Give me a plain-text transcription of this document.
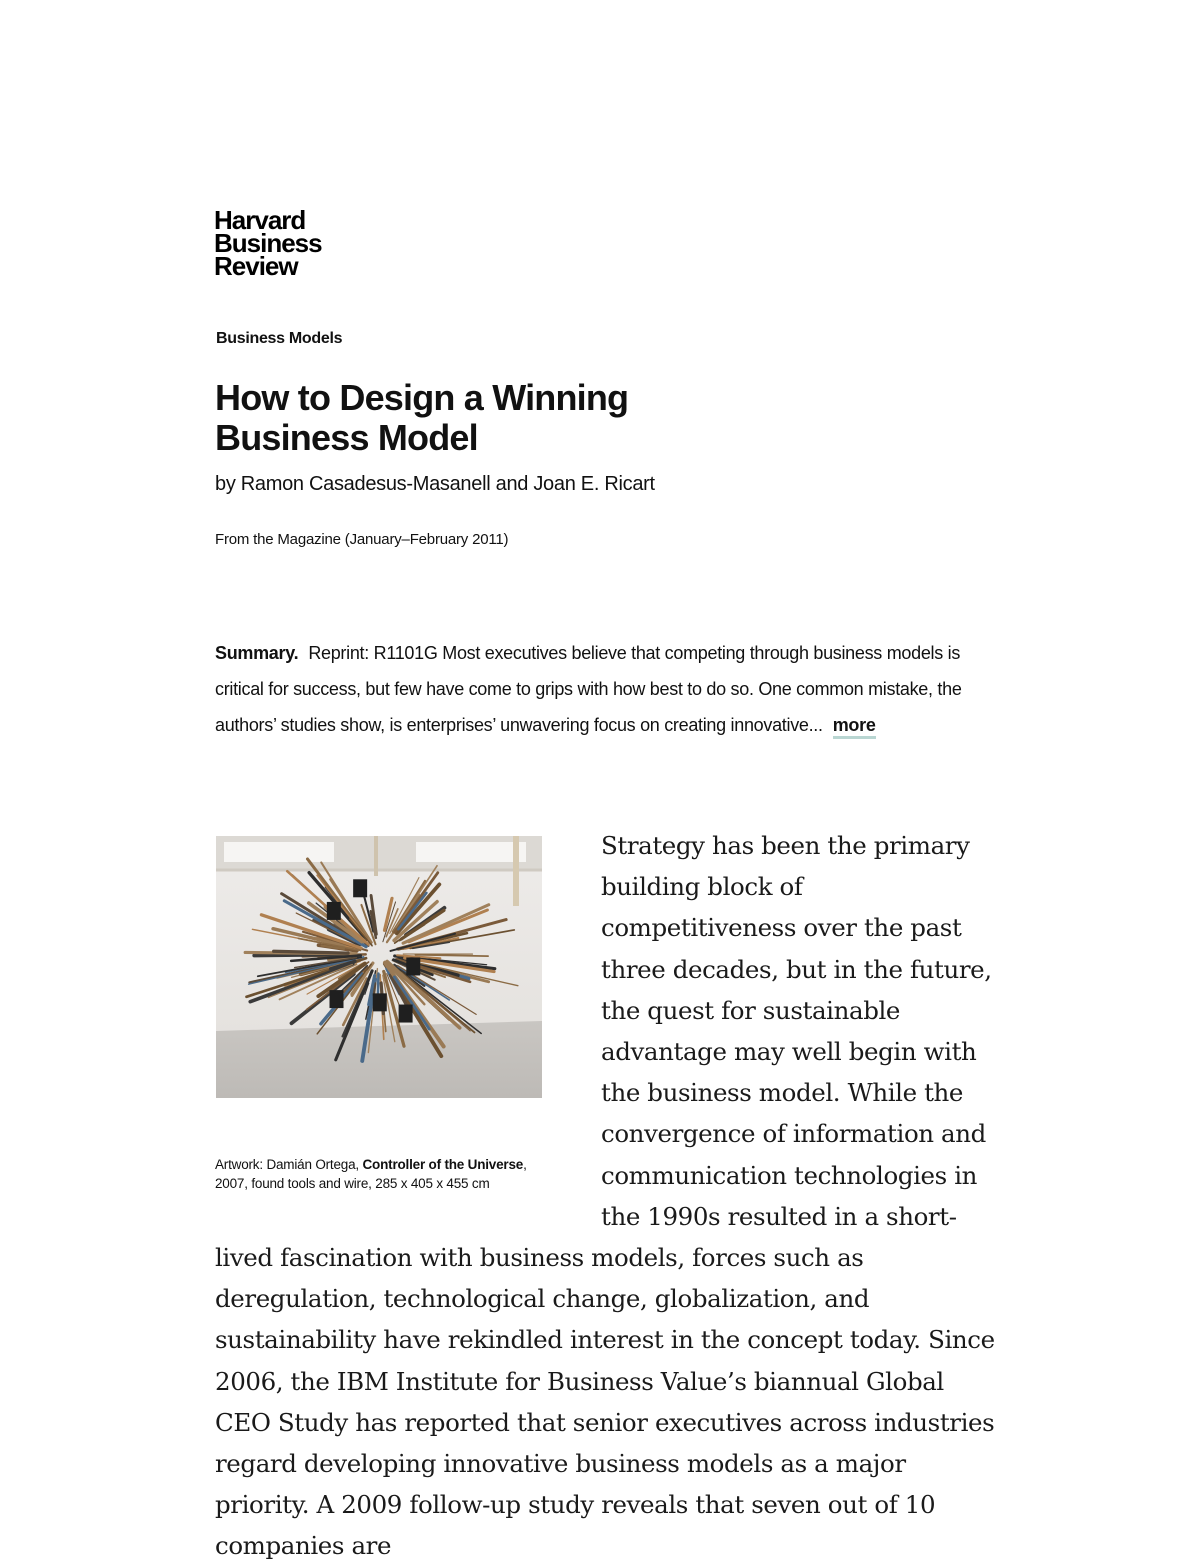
Harvard
Business
Review
Business Models
How to Design a Winning
Business Model
by Ramon Casadesus-Masanell and Joan E. Ricart
From the Magazine (January–February 2011)
Summary. Reprint: R1101G Most executives believe that competing through business models is critical for success, but few have come to grips with how best to do so. One common mistake, the authors’ studies show, is enterprises’ unwavering focus on creating innovative... more
Artwork: Damián Ortega, Controller of the Universe, 2007, found tools and wire, 285 x 405 x 455 cm
Strategy has been the primary building block of competitiveness over the past three decades, but in the future, the quest for sustainable advantage may well begin with the business model. While the convergence of information and communication technologies in the 1990s resulted in a short-lived fascination with business models, forces such as deregulation, technological change, globalization, and sustainability have rekindled interest in the concept today. Since 2006, the IBM Institute for Business Value’s biannual Global CEO Study has reported that senior executives across industries regard developing innovative business models as a major priority. A 2009 follow-up study reveals that seven out of 10 companies are
